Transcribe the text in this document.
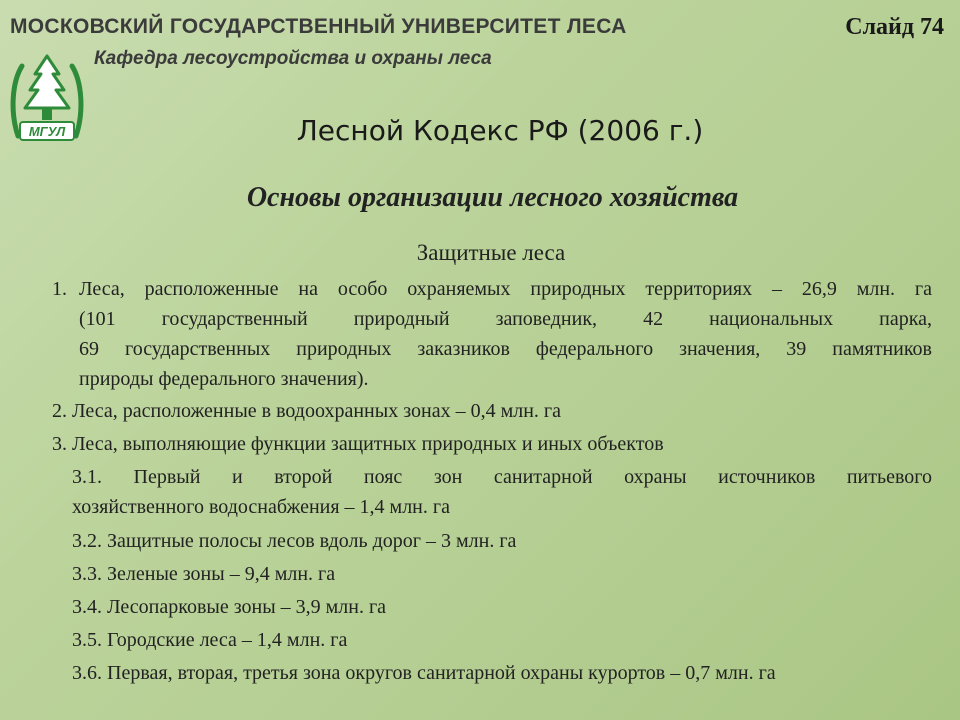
МОСКОВСКИЙ ГОСУДАРСТВЕННЫЙ УНИВЕРСИТЕТ ЛЕСА
Кафедра лесоустройства и охраны леса
Слайд 74
МГУЛ	Лесной Кодекс РФ (2006 г.)
Основы организации лесного хозяйства
Защитные леса
1. Леса, расположенные на особо охраняемых природных территориях – 26,9 млн. га
(101 государственный природный заповедник, 42 национальных парка,
69 государственных природных заказников федерального значения, 39 памятников
природы федерального значения).
2. Леса, расположенные в водоохранных зонах – 0,4 млн. га
3. Леса, выполняющие функции защитных природных и иных объектов
3.1. Первый и второй пояс зон санитарной охраны источников питьевого
хозяйственного водоснабжения – 1,4 млн. га
3.2. Защитные полосы лесов вдоль дорог – 3 млн. га
3.3. Зеленые зоны – 9,4 млн. га
3.4. Лесопарковые зоны – 3,9 млн. га
3.5. Городские леса – 1,4 млн. га
3.6. Первая, вторая, третья зона округов санитарной охраны курортов – 0,7 млн. га
